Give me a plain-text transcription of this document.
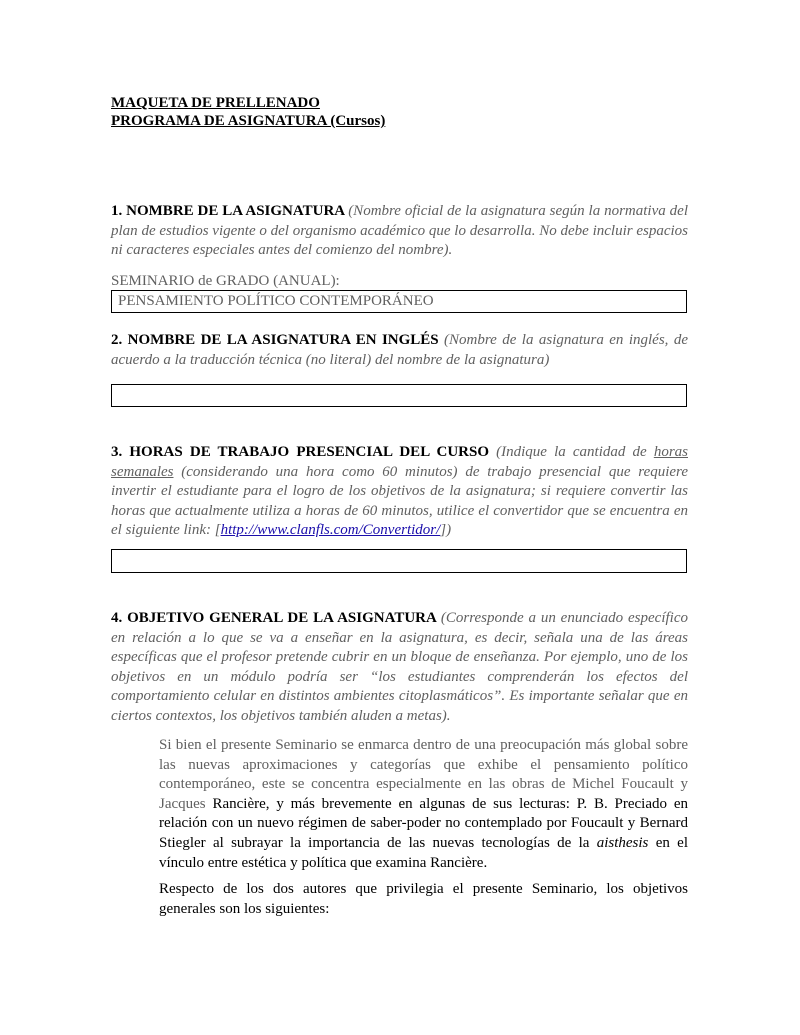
MAQUETA DE PRELLENADO
PROGRAMA DE ASIGNATURA (Cursos)
1. NOMBRE DE LA ASIGNATURA (Nombre oficial de la asignatura según la normativa del plan de estudios vigente o del organismo académico que lo desarrolla. No debe incluir espacios ni caracteres especiales antes del comienzo del nombre).
SEMINARIO de GRADO (ANUAL):
PENSAMIENTO POLÍTICO CONTEMPORÁNEO
2. NOMBRE DE LA ASIGNATURA EN INGLÉS (Nombre de la asignatura en inglés, de acuerdo a la traducción técnica (no literal) del nombre de la asignatura)
3. HORAS DE TRABAJO PRESENCIAL DEL CURSO (Indique la cantidad de horas semanales (considerando una hora como 60 minutos) de trabajo presencial que requiere invertir el estudiante para el logro de los objetivos de la asignatura; si requiere convertir las horas que actualmente utiliza a horas de 60 minutos, utilice el convertidor que se encuentra en el siguiente link: [http://www.clanfls.com/Convertidor/])
4. OBJETIVO GENERAL DE LA ASIGNATURA (Corresponde a un enunciado específico en relación a lo que se va a enseñar en la asignatura, es decir, señala una de las áreas específicas que el profesor pretende cubrir en un bloque de enseñanza. Por ejemplo, uno de los objetivos en un módulo podría ser “los estudiantes comprenderán los efectos del comportamiento celular en distintos ambientes citoplasmáticos”. Es importante señalar que en ciertos contextos, los objetivos también aluden a metas).
Si bien el presente Seminario se enmarca dentro de una preocupación más global sobre las nuevas aproximaciones y categorías que exhibe el pensamiento político contemporáneo, este se concentra especialmente en las obras de Michel Foucault y Jacques Rancière, y más brevemente en algunas de sus lecturas: P. B. Preciado en relación con un nuevo régimen de saber-poder no contemplado por Foucault y Bernard Stiegler al subrayar la importancia de las nuevas tecnologías de la aisthesis en el vínculo entre estética y política que examina Rancière.
Respecto de los dos autores que privilegia el presente Seminario, los objetivos generales son los siguientes:
